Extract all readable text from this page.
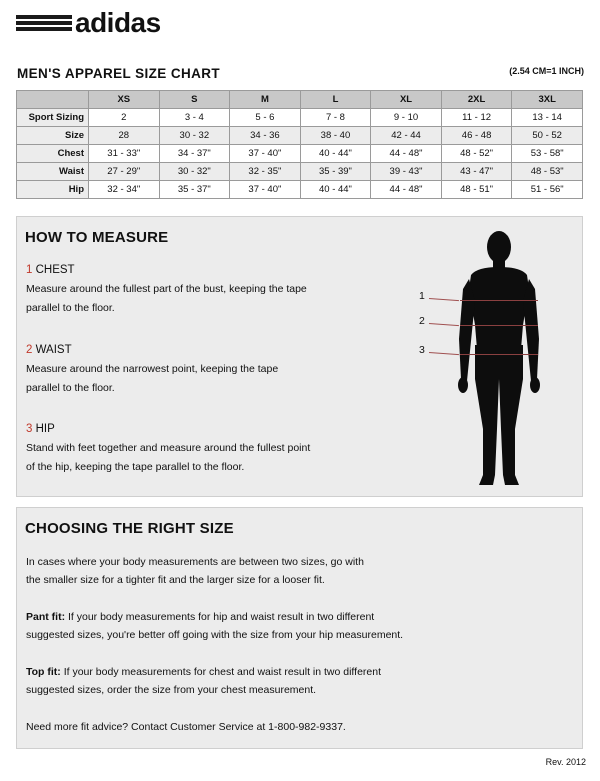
adidas
MEN'S APPAREL SIZE CHART	(2.54 CM=1 INCH)
	XS	S	M	L	XL	2XL	3XL
Sport Sizing	2	3 - 4	5 - 6	7 - 8	9 - 10	11 - 12	13 - 14
Size	28	30 - 32	34 - 36	38 - 40	42 - 44	46 - 48	50 - 52
Chest	31 - 33"	34 - 37"	37 - 40"	40 - 44"	44 - 48"	48 - 52"	53 - 58"
Waist	27 - 29"	30 - 32"	32 - 35"	35 - 39"	39 - 43"	43 - 47"	48 - 53"
Hip	32 - 34"	35 - 37"	37 - 40"	40 - 44"	44 - 48"	48 - 51"	51 - 56"
HOW TO MEASURE
1 CHEST
Measure around the fullest part of the bust, keeping the tape
parallel to the floor.
2 WAIST
Measure around the narrowest point, keeping the tape
parallel to the floor.
3 HIP
Stand with feet together and measure around the fullest point
of the hip, keeping the tape parallel to the floor.
1
2
3
CHOOSING THE RIGHT SIZE
In cases where your body measurements are between two sizes, go with
the smaller size for a tighter fit and the larger size for a looser fit.
Pant fit: If your body measurements for hip and waist result in two different
suggested sizes, you're better off going with the size from your hip measurement.
Top fit: If your body measurements for chest and waist result in two different
suggested sizes, order the size from your chest measurement.
Need more fit advice? Contact Customer Service at 1-800-982-9337.
Rev. 2012
